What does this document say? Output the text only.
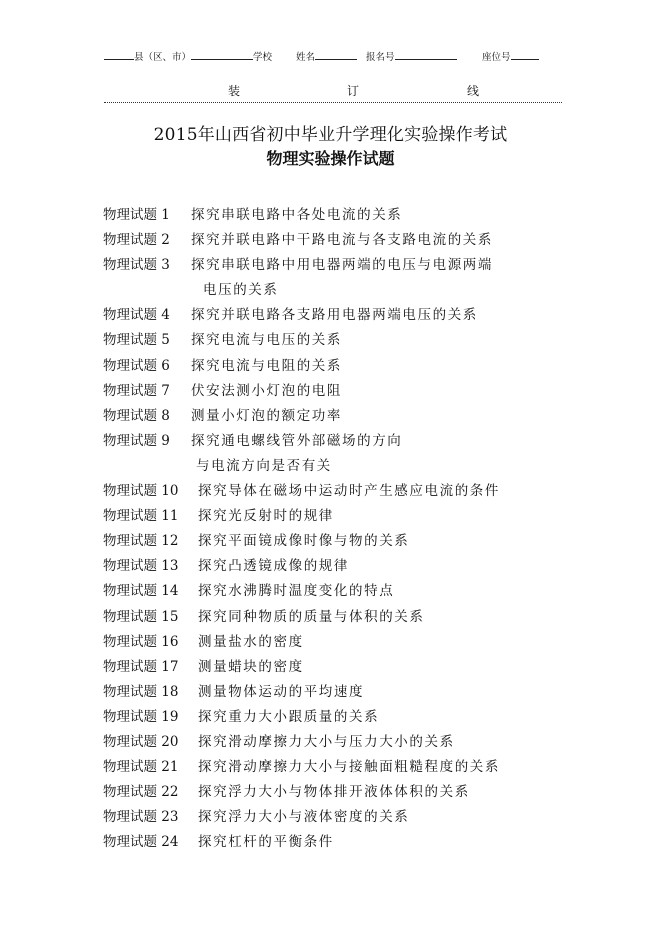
县（区、市）	学校	姓名	报名号	座位号
装	订	线
2015年山西省初中毕业升学理化实验操作考试
物理实验操作试题
物理试题 1 探究串联电路中各处电流的关系
物理试题 2 探究并联电路中干路电流与各支路电流的关系
物理试题 3 探究串联电路中用电器两端的电压与电源两端
电压的关系
物理试题 4 探究并联电路各支路用电器两端电压的关系
物理试题 5 探究电流与电压的关系
物理试题 6 探究电流与电阻的关系
物理试题 7 伏安法测小灯泡的电阻
物理试题 8 测量小灯泡的额定功率
物理试题 9 探究通电螺线管外部磁场的方向
与电流方向是否有关
物理试题 10 探究导体在磁场中运动时产生感应电流的条件
物理试题 11 探究光反射时的规律
物理试题 12 探究平面镜成像时像与物的关系
物理试题 13 探究凸透镜成像的规律
物理试题 14 探究水沸腾时温度变化的特点
物理试题 15 探究同种物质的质量与体积的关系
物理试题 16 测量盐水的密度
物理试题 17 测量蜡块的密度
物理试题 18 测量物体运动的平均速度
物理试题 19 探究重力大小跟质量的关系
物理试题 20 探究滑动摩擦力大小与压力大小的关系
物理试题 21 探究滑动摩擦力大小与接触面粗糙程度的关系
物理试题 22 探究浮力大小与物体排开液体体积的关系
物理试题 23 探究浮力大小与液体密度的关系
物理试题 24 探究杠杆的平衡条件
